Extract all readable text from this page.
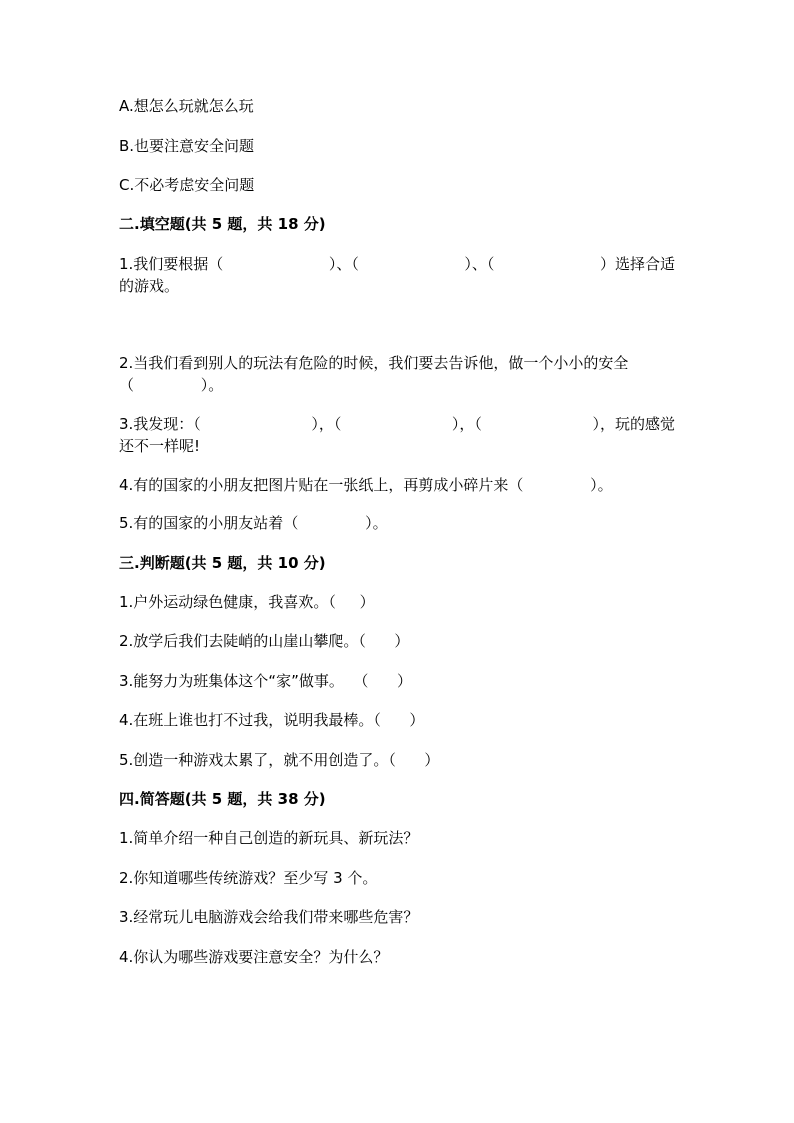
A.想怎么玩就怎么玩
B.也要注意安全问题
C.不必考虑安全问题
二.填空题(共 5 题，共 18 分)
1.我们要根据（	）、（	）、（	）选择合适
的游戏。
2.当我们看到别人的玩法有危险的时候，我们要去告诉他，做一个小小的安全
（              ）。
3.我发现：（	），（	），（	），玩的感觉
还不一样呢!
4.有的国家的小朋友把图片贴在一张纸上，再剪成小碎片来（              ）。
5.有的国家的小朋友站着（              ）。
三.判断题(共 5 题，共 10 分)
1.户外运动绿色健康，我喜欢。（     ）
2.放学后我们去陡峭的山崖山攀爬。（      ）
3.能努力为班集体这个“家”做事。  （      ）
4.在班上谁也打不过我，说明我最棒。（      ）
5.创造一种游戏太累了，就不用创造了。（      ）
四.简答题(共 5 题，共 38 分)
1.简单介绍一种自己创造的新玩具、新玩法？
2.你知道哪些传统游戏？至少写 3 个。
3.经常玩儿电脑游戏会给我们带来哪些危害？
4.你认为哪些游戏要注意安全？为什么？
